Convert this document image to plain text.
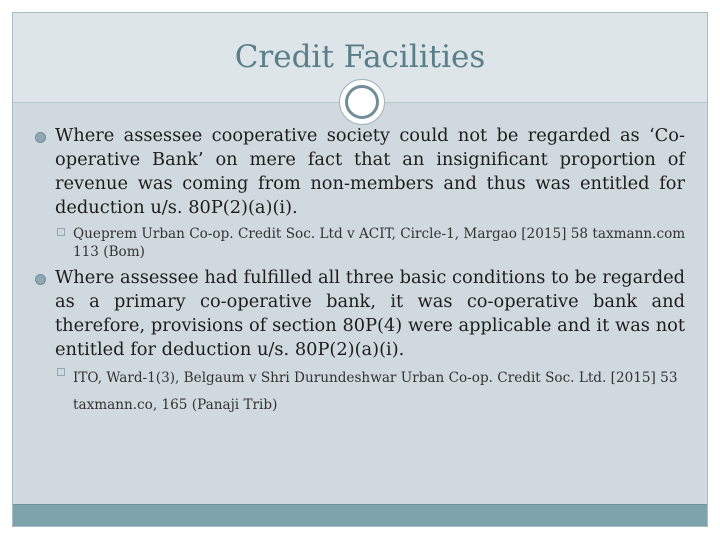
Credit Facilities
Where assessee cooperative society could not be regarded as ‘Co-operative Bank’ on mere fact that an insignificant proportion of revenue was coming from non-members and thus was entitled for deduction u/s. 80P(2)(a)(i).
Queprem Urban Co-op. Credit Soc. Ltd v ACIT, Circle-1, Margao [2015] 58 taxmann.com 113 (Bom)
Where assessee had fulfilled all three basic conditions to be regarded as a primary co-operative bank, it was co-operative bank and therefore, provisions of section 80P(4) were applicable and it was not entitled for deduction u/s. 80P(2)(a)(i).
ITO, Ward-1(3), Belgaum v Shri Durundeshwar Urban Co-op. Credit Soc. Ltd. [2015] 53 taxmann.co, 165 (Panaji Trib)
